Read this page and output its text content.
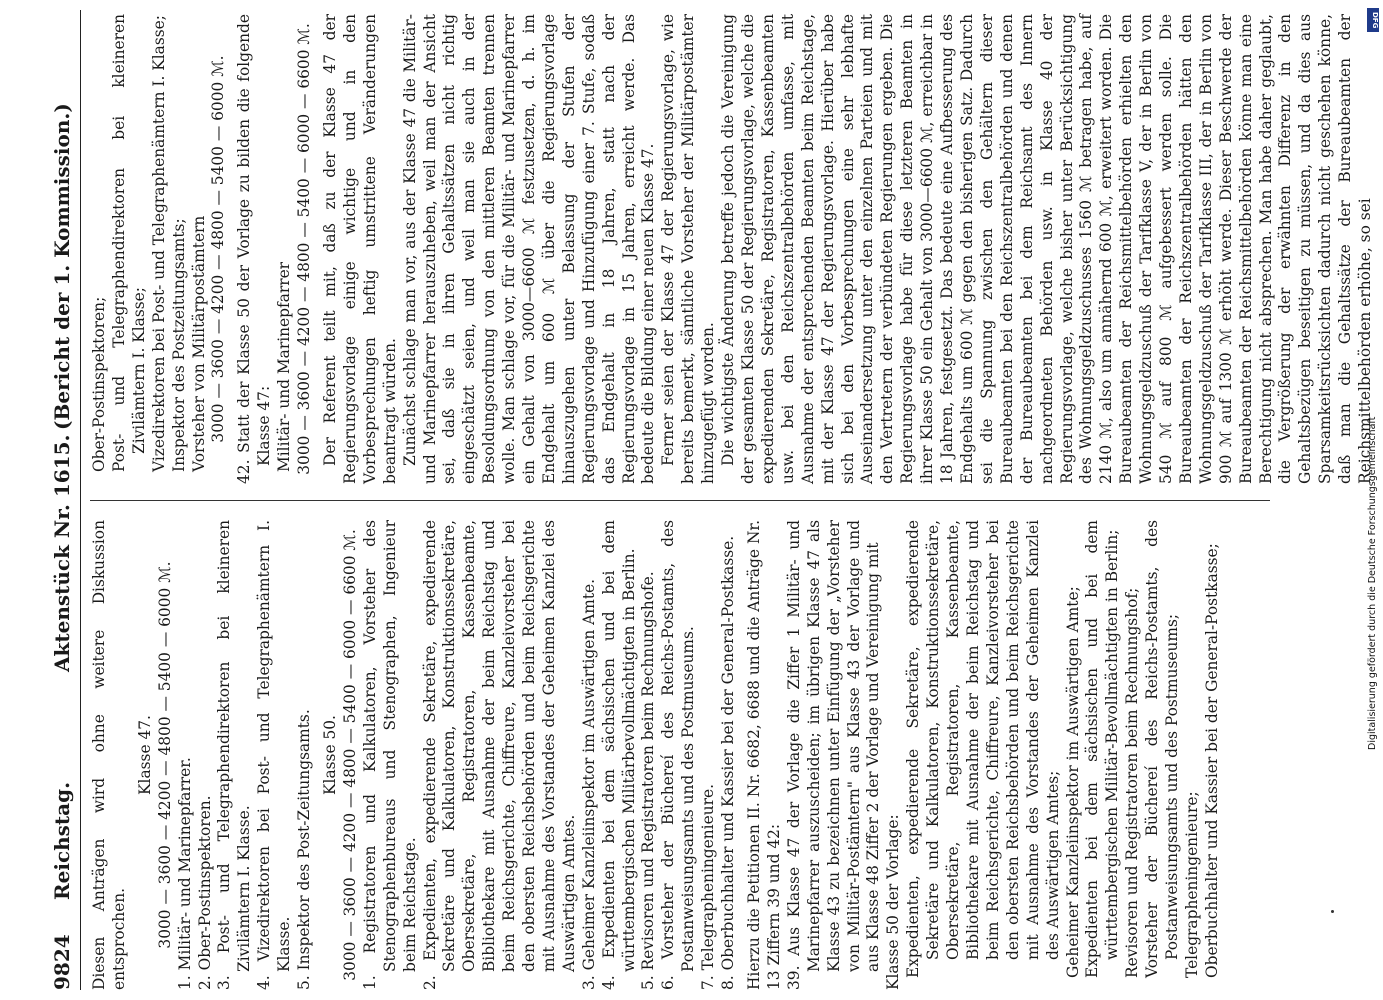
9824
Reichstag.
Aktenstück Nr. 1615.
(Bericht der 1. Kommission.)

Diesen Anträgen wird ohne weitere Diskussion entsprochen.

Klasse 47. 3000 — 3600 — 4200 — 4800 — 5400 — 6000 ℳ. 1. Militär- und Marinepfarrer. 2. Ober-Postinspektoren. 3. Post- und Telegraphendirektoren bei kleineren Zivilämtern I. Klasse. 4. Vizedirektoren bei Post- und Telegraphenämtern I. Klasse. 5. Inspektor des Post-Zeitungsamts. Klasse 50. 3000 — 3600 — 4200 — 4800 — 5400 — 6000 — 6600 ℳ. 1. Registratoren und Kalkulatoren, Vorsteher des Stenographenbureaus und Stenographen, Ingenieur beim Reichstage. 2. Expedienten, expedierende Sekretäre, expedierende Sekretäre und Kalkulatoren, Konstruktionssekretäre, Obersekretäre, Registratoren, Kassenbeamte, Bibliothekare mit Ausnahme der beim Reichstag und beim Reichsgerichte, Chiffreure, Kanzleivorsteher bei den obersten Reichsbehörden und beim Reichsgerichte mit Ausnahme des Vorstandes der Geheimen Kanzlei des Auswärtigen Amtes. 3. Geheimer Kanzleiinspektor im Auswärtigen Amte. 4. Expedienten bei dem sächsischen und bei dem württembergischen Militärbevollmächtigten in Berlin. 5. Revisoren und Registratoren beim Rechnungshofe. 6. Vorsteher der Büchereí des Reichs-Postamts, des Postanweisungsamts und des Postmuseums. 7. Telegrapheningenieure. 8. Oberbuchhalter und Kassier bei der General-Postkasse. Hierzu die Petitionen II. Nr. 6682, 6688 und die Anträge Nr. 13 Ziffern 39 und 42: 39. Aus Klasse 47 der Vorlage die Ziffer 1 Militär- und Marinepfarrer auszuscheiden; im übrigen Klasse 47 als Klasse 43 zu bezeichnen unter Einfügung der „Vorsteher von Militär-Postämtern" aus Klasse 43 der Vorlage und aus Klasse 48 Ziffer 2 der Vorlage und Vereinigung mit Klasse 50 der Vorlage: Expedienten, expedierende Sekretäre, expedierende Sekretäre und Kalkulatoren, Konstruktionssekretäre, Obersekretäre, Registratoren, Kassenbeamte, Bibliothekare mit Ausnahme der beim Reichstag und beim Reichsgerichte, Chiffreure, Kanzleivorsteher bei den obersten Reichsbehörden und beim Reichsgerichte mit Ausnahme des Vorstandes der Geheimen Kanzlei des Auswärtigen Amtes; Geheimer Kanzleiinspektor im Auswärtigen Amte; Expedienten bei dem sächsischen und bei dem württembergischen Militär-Bevollmächtigten in Berlin; Revisoren und Registratoren beim Rechnungshof; Vorsteher der Büchereí des Reichs-Postamts, des Postanweisungsamts und des Postmuseums; Telegrapheningenieure; Oberbuchhalter und Kassier bei der General-Postkasse;

Ober-Postinspektoren; Post- und Telegraphendirektoren bei kleineren Zivilämtern I. Klasse; Vizedirektoren bei Post- und Telegraphenämtern I. Klasse; Inspektor des Postzeitungsamts; Vorsteher von Militärpostämtern 3000 — 3600 — 4200 — 4800 — 5400 — 6000 ℳ. 42. Statt der Klasse 50 der Vorlage zu bilden die folgende Klasse 47: Militär- und Marinepfarrer 3000 — 3600 — 4200 — 4800 — 5400 — 6000 — 6600 ℳ. Der Referent teilt mit, daß zu der Klasse 47 der Regierungsvorlage einige wichtige und in den Vorbesprechungen heftig umstrittene Veränderungen beantragt würden. Zunächst schlage man vor, aus der Klasse 47 die Militär- und Marinepfarrer herauszuheben, weil man der Ansicht sei, daß sie in ihren Gehaltssätzen nicht richtig eingeschätzt seien, und weil man sie auch in der Besoldungsordnung von den mittleren Beamten trennen wolle. Man schlage vor, für die Militär- und Marinepfarrer ein Gehalt von 3000—6600 ℳ festzusetzen, d. h. im Endgehalt um 600 ℳ über die Regierungsvorlage hinauszugehen unter Belassung der Stufen der Regierungsvorlage und Hinzufügung einer 7. Stufe, sodaß das Endgehalt in 18 Jahren, statt nach der Regierungsvorlage in 15 Jahren, erreicht werde. Das bedeute die Bildung einer neuen Klasse 47. Ferner seien der Klasse 47 der Regierungsvorlage, wie bereits bemerkt, sämtliche Vorsteher der Militärpostämter hinzugefügt worden. Die wichtigste Änderung betreffe jedoch die Vereinigung der gesamten Klasse 50 der Regierungsvorlage, welche die expedierenden Sekretäre, Registratoren, Kassenbeamten usw. bei den Reichszentralbehörden umfasse, mit Ausnahme der entsprechenden Beamten beim Reichstage, mit der Klasse 47 der Regierungsvorlage. Hierüber habe sich bei den Vorbesprechungen eine sehr lebhafte Auseinandersetzung unter den einzelnen Parteien und mit den Vertretern der verbündeten Regierungen ergeben. Die Regierungsvorlage habe für diese letzteren Beamten in ihrer Klasse 50 ein Gehalt von 3000—6600 ℳ, erreichbar in 18 Jahren, festgesetzt. Das bedeute eine Aufbesserung des Endgehalts um 600 ℳ gegen den bisherigen Satz. Dadurch sei die Spannung zwischen den Gehältern dieser Bureaubeamten bei den Reichszentralbehörden und denen der Bureaubeamten bei dem Reichsamt des Innern nachgeordneten Behörden usw. in Klasse 40 der Regierungsvorlage, welche bisher unter Berücksichtigung des Wohnungsgeldzuschusses 1560 ℳ betragen habe, auf 2140 ℳ, also um annähernd 600 ℳ, erweitert worden. Die Bureaubeamten der Reichsmittelbehörden erhielten den Wohnungsgeldzuschuß der Tarifklasse V, der in Berlin von 540 ℳ auf 800 ℳ aufgebessert werden solle. Die Bureaubeamten der Reichszentralbehörden hätten den Wohnungsgeldzuschuß der Tarifklasse III, der in Berlin von 900 ℳ auf 1300 ℳ erhöht werde. Dieser Beschwerde der Bureaubeamten der Reichsmittelbehörden könne man eine Berechtigung nicht absprechen. Man habe daher geglaubt, die Vergrößerung der erwähnten Differenz in den Gehaltsbezügen beseitigen zu müssen, und da dies aus Sparsamkeitsrücksichten dadurch nicht geschehen könne, daß man die Gehaltssätze der Bureaubeamten der Reichsmittelbehörden erhöhe, so sei

DFG
Digitalisierung gefördert durch die Deutsche Forschungsgemeinschaft
